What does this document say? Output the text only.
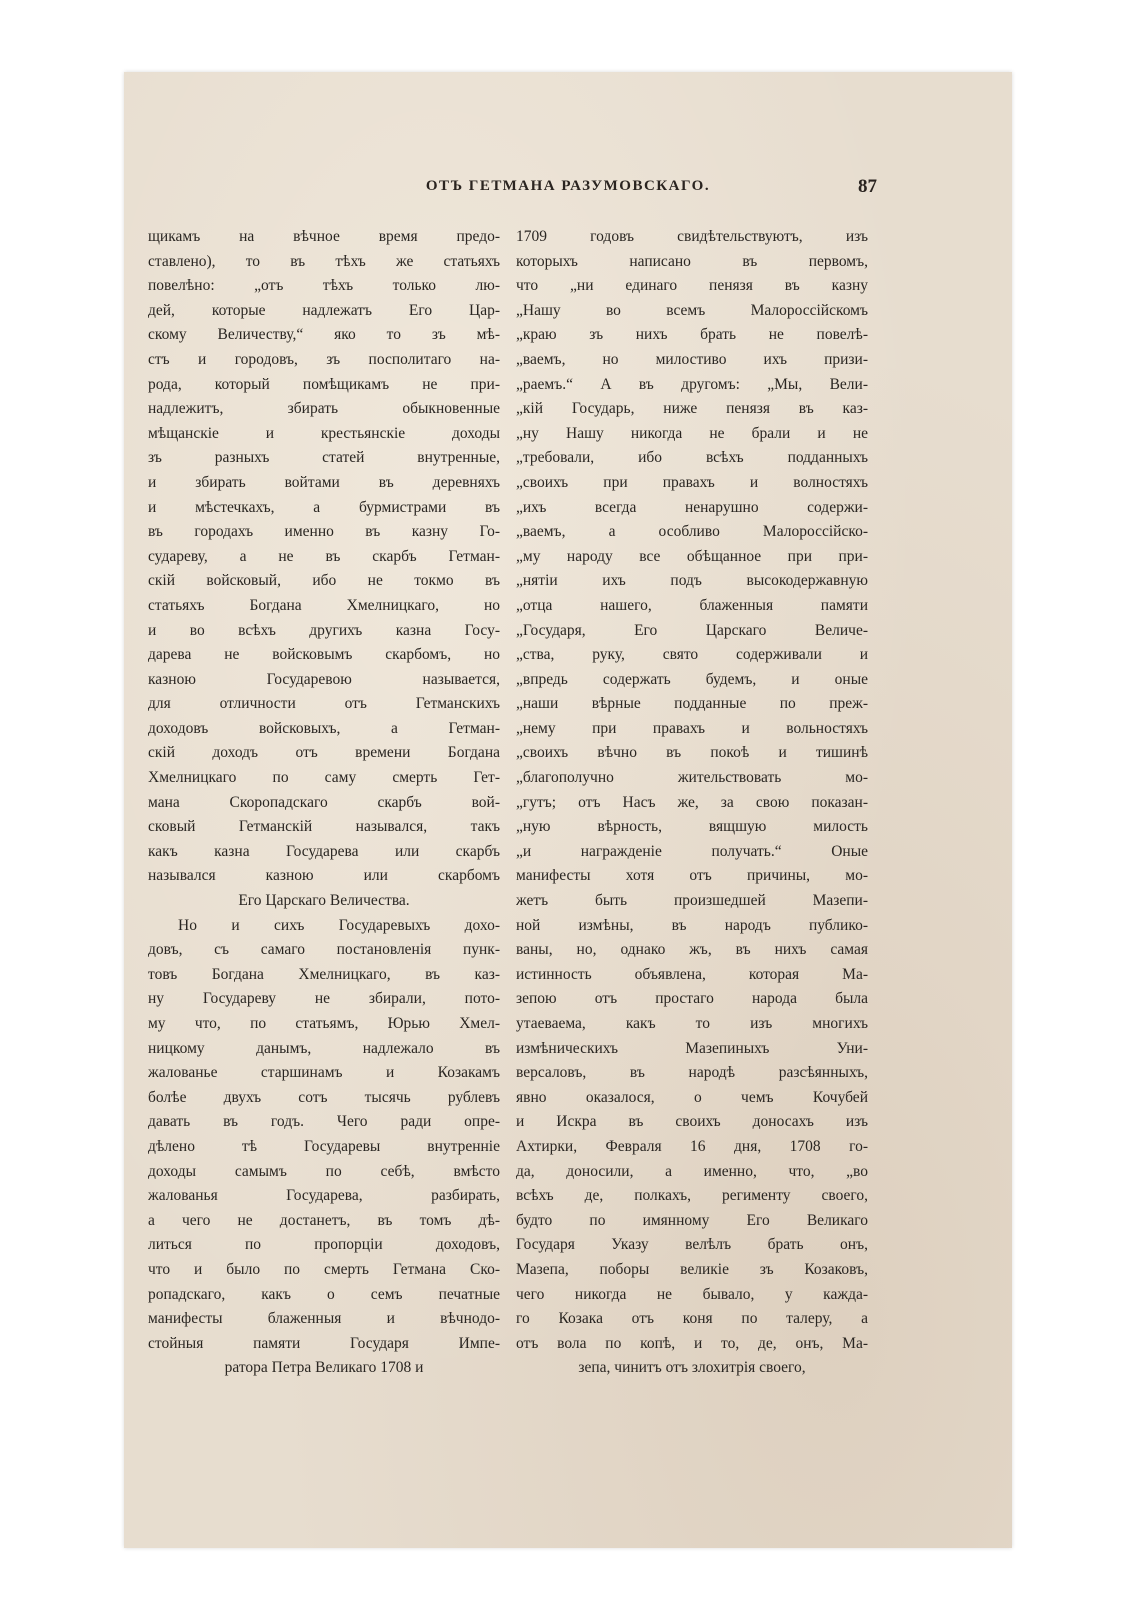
ОТЪ ГЕТМАНА РАЗУМОВСКАГО.	87
щикамъ на вѣчное время предо-
ставлено), то въ тѣхъ же статьяхъ
повелѣно: „отъ тѣхъ только лю-
дей, которые надлежатъ Его Цар-
скому Величеству,“ яко то зъ мѣ-
стъ и городовъ, зъ посполитаго на-
рода, который помѣщикамъ не при-
надлежитъ, збирать обыкновенные
мѣщанскіе и крестьянскіе доходы
зъ разныхъ статей внутренные,
и збирать войтами въ деревняхъ
и мѣстечкахъ, а бурмистрами въ
въ городахъ именно въ казну Го-
судареву, а не въ скарбъ Гетман-
скій войсковый, ибо не токмо въ
статьяхъ Богдана Хмелницкаго, но
и во всѣхъ другихъ казна Госу-
дарева не войсковымъ скарбомъ, но
казною Государевою называется,
для отличности отъ Гетманскихъ
доходовъ войсковыхъ, а Гетман-
скій доходъ отъ времени Богдана
Хмелницкаго по саму смерть Гет-
мана Скоропадскаго скарбъ вой-
сковый Гетманскій назывался, такъ
какъ казна Государева или скарбъ
назывался казною или скарбомъ
Его Царскаго Величества.
Но и сихъ Государевыхъ дохо-
довъ, съ самаго постановленія пунк-
товъ Богдана Хмелницкаго, въ каз-
ну Государеву не збирали, пото-
му что, по статьямъ, Юрью Хмел-
ницкому данымъ, надлежало въ
жалованье старшинамъ и Козакамъ
болѣе двухъ сотъ тысячь рублевъ
давать въ годъ. Чего ради опре-
дѣлено тѣ Государевы внутренніе
доходы самымъ по себѣ, вмѣсто
жалованья Государева, разбирать,
а чего не достанетъ, въ томъ дѣ-
литься по пропорціи доходовъ,
что и было по смерть Гетмана Ско-
ропадскаго, какъ о семъ печатные
манифесты блаженныя и вѣчнодо-
стойныя памяти Государя Импе-
ратора Петра Великаго 1708 и
1709 годовъ свидѣтельствуютъ, изъ
которыхъ написано въ первомъ,
что „ни единаго пенязя въ казну
„Нашу во всемъ Малороссійскомъ
„краю зъ нихъ брать не повелѣ-
„ваемъ, но милостиво ихъ призи-
„раемъ.“ А въ другомъ: „Мы, Вели-
„кій Государь, ниже пенязя въ каз-
„ну Нашу никогда не брали и не
„требовали, ибо всѣхъ подданныхъ
„своихъ при правахъ и волностяхъ
„ихъ всегда ненарушно содержи-
„ваемъ, а особливо Малороссійско-
„му народу все обѣщанное при при-
„нятіи ихъ подъ высокодержавную
„отца нашего, блаженныя памяти
„Государя, Его Царскаго Величе-
„ства, руку, свято содерживали и
„впредь содержать будемъ, и оные
„наши вѣрные подданные по преж-
„нему при правахъ и вольностяхъ
„своихъ вѣчно въ покоѣ и тишинѣ
„благополучно жительствовать мо-
„гутъ; отъ Насъ же, за свою показан-
„ную вѣрность, вящшую милость
„и награжденіе получать.“ Оные
манифесты хотя отъ причины, мо-
жетъ быть произшедшей Мазепи-
ной измѣны, въ народъ публико-
ваны, но, однако жъ, въ нихъ самая
истинность объявлена, которая Ма-
зепою отъ простаго народа была
утаеваема, какъ то изъ многихъ
измѣническихъ Мазепиныхъ Уни-
версаловъ, въ народѣ разсѣянныхъ,
явно оказалося, о чемъ Кочубей
и Искра въ своихъ доносахъ изъ
Ахтирки, Февраля 16 дня, 1708 го-
да, доносили, а именно, что, „во
всѣхъ де, полкахъ, регименту своего,
будто по имянному Его Великаго
Государя Указу велѣлъ брать онъ,
Мазепа, поборы великіе зъ Козаковъ,
чего никогда не бывало, у кажда-
го Козака отъ коня по талеру, а
отъ вола по копѣ, и то, де, онъ, Ма-
зепа, чинитъ отъ злохитрія своего,
